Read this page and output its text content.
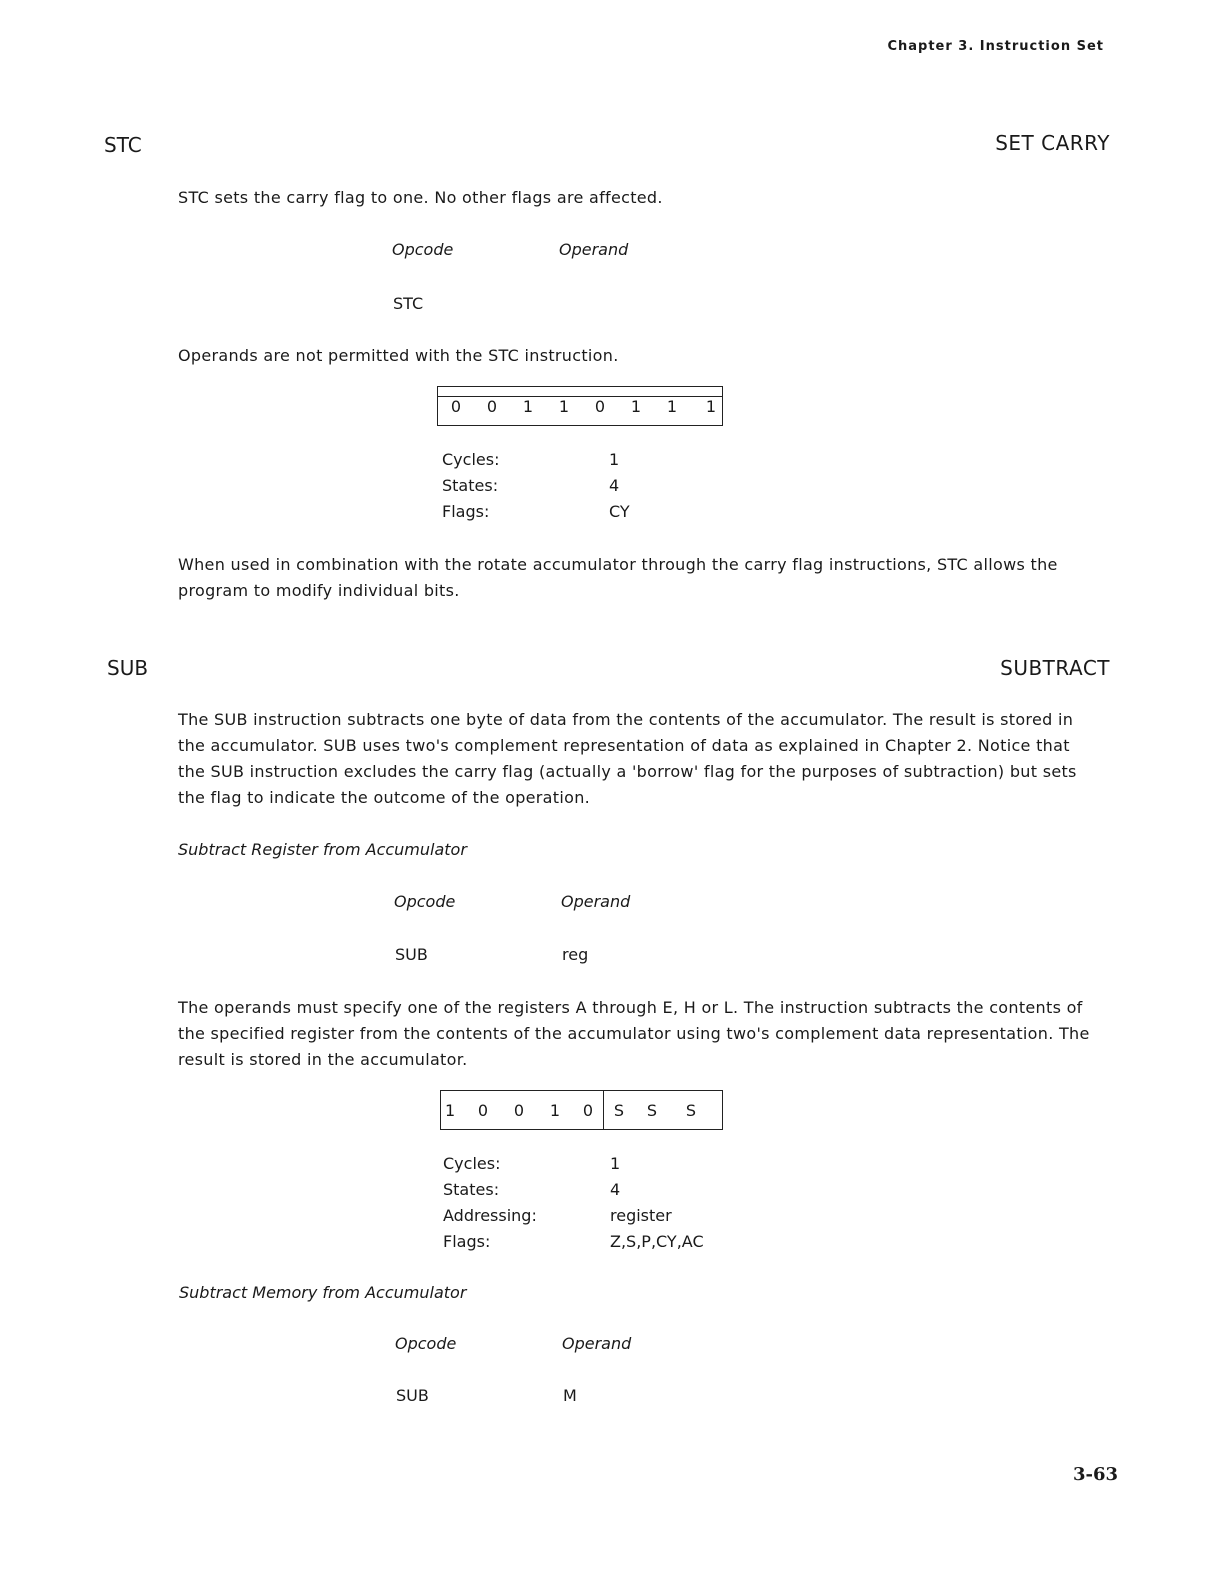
Chapter 3. Instruction Set
STC	SET CARRY
STC sets the carry flag to one. No other flags are affected.
Opcode	Operand
STC
Operands are not permitted with the STC instruction.
0	0	1	1	0	1	1	1
Cycles:	1
States:	4
Flags:	CY
When used in combination with the rotate accumulator through the carry flag instructions, STC allows the program to modify individual bits.
SUB	SUBTRACT
The SUB instruction subtracts one byte of data from the contents of the accumulator. The result is stored in the accumulator. SUB uses two's complement representation of data as explained in Chapter 2. Notice that the SUB instruction excludes the carry flag (actually a 'borrow' flag for the purposes of subtraction) but sets the flag to indicate the outcome of the operation.
Subtract Register from Accumulator
Opcode	Operand
SUB	reg
The operands must specify one of the registers A through E, H or L. The instruction subtracts the contents of the specified register from the contents of the accumulator using two's complement data representation. The result is stored in the accumulator.
1	0	0	1	0	S	S	S
Cycles:	1
States:	4
Addressing:	register
Flags:	Z,S,P,CY,AC
Subtract Memory from Accumulator
Opcode	Operand
SUB	M
3-63
